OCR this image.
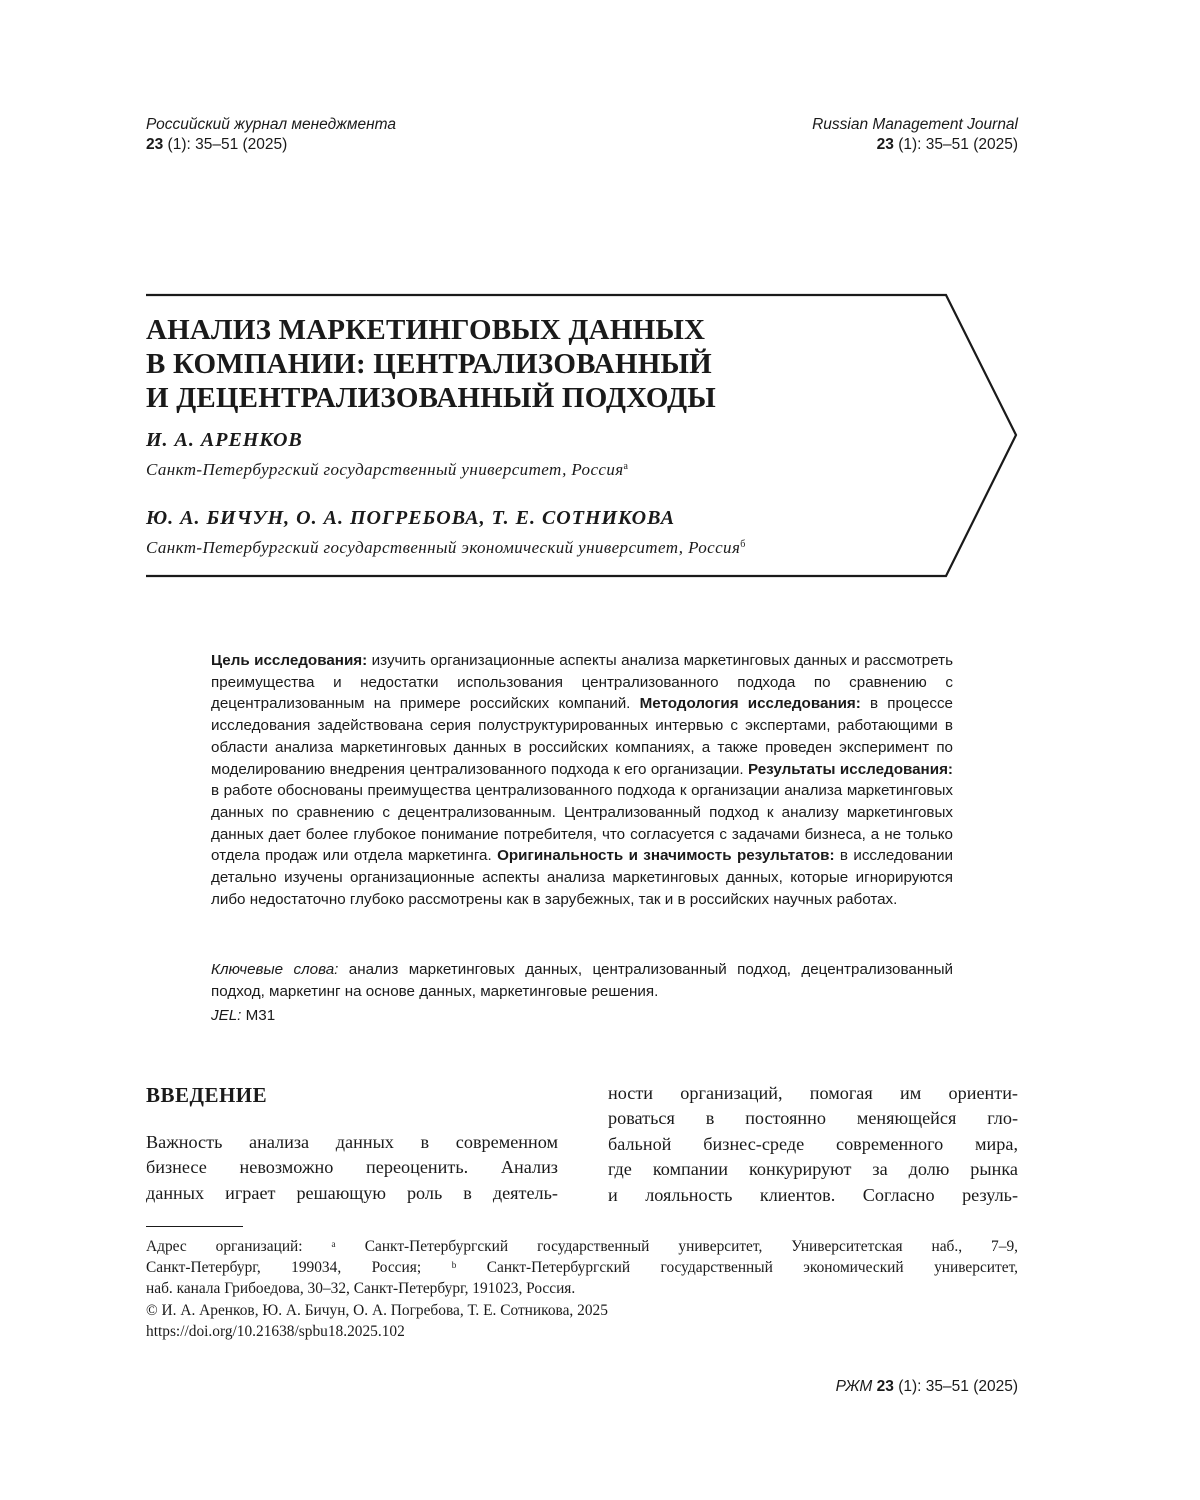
Российский журнал менеджмента
23 (1): 35–51 (2025)
Russian Management Journal
23 (1): 35–51 (2025)
АНАЛИЗ МАРКЕТИНГОВЫХ ДАННЫХ
В КОМПАНИИ: ЦЕНТРАЛИЗОВАННЫЙ
И ДЕЦЕНТРАЛИЗОВАННЫЙ ПОДХОДЫ
И. А. АРЕНКОВ
Санкт-Петербургский государственный университет, Россия$^а$
Ю. А. БИЧУН, О. А. ПОГРЕБОВА, Т. Е. СОТНИКОВА
Санкт-Петербургский государственный экономический университет, Россия$^б$

Цель исследования: изучить организационные аспекты анализа маркетинговых данных и рассмотреть преимущества и недостатки использования централизованного подхода по сравнению с децентрализованным на примере российских компаний. Методология исследования: в процессе исследования задействована серия полуструктурированных интервью с экспертами, работающими в области анализа маркетинговых данных в российских компаниях, а также проведен эксперимент по моделированию внедрения централизованного подхода к его организации. Результаты исследования: в работе обоснованы преимущества централизованного подхода к организации анализа маркетинговых данных по сравнению с децентрализованным. Централизованный подход к анализу маркетинговых данных дает более глубокое понимание потребителя, что согласуется с задачами бизнеса, а не только отдела продаж или отдела маркетинга. Оригинальность и значимость результатов: в исследовании детально изучены организационные аспекты анализа маркетинговых данных, которые игнорируются либо недостаточно глубоко рассмотрены как в зарубежных, так и в российских научных работах.

Ключевые слова: анализ маркетинговых данных, централизованный подход, децентрализованный подход, маркетинг на основе данных, маркетинговые решения.
JEL: M31
ВВЕДЕНИЕ

Важность анализа данных в современном
бизнесе невозможно переоценить. Анализ
данных играет решающую роль в деятель-

ности организаций, помогая им ориенти-
роваться в постоянно меняющейся гло-
бальной бизнес-среде современного мира,
где компании конкурируют за долю рынка
и лояльность клиентов. Согласно резуль-

Адрес организаций: ᵃ Санкт-Петербургский государственный университет, Университетская наб., 7–9,
Санкт-Петербург, 199034, Россия; ᵇ Санкт-Петербургский государственный экономический университет,
наб. канала Грибоедова, 30–32, Санкт-Петербург, 191023, Россия.
© И. А. Аренков, Ю. А. Бичун, О. А. Погребова, Т. Е. Сотникова, 2025
https://doi.org/10.21638/spbu18.2025.102
РЖМ 23 (1): 35–51 (2025)
